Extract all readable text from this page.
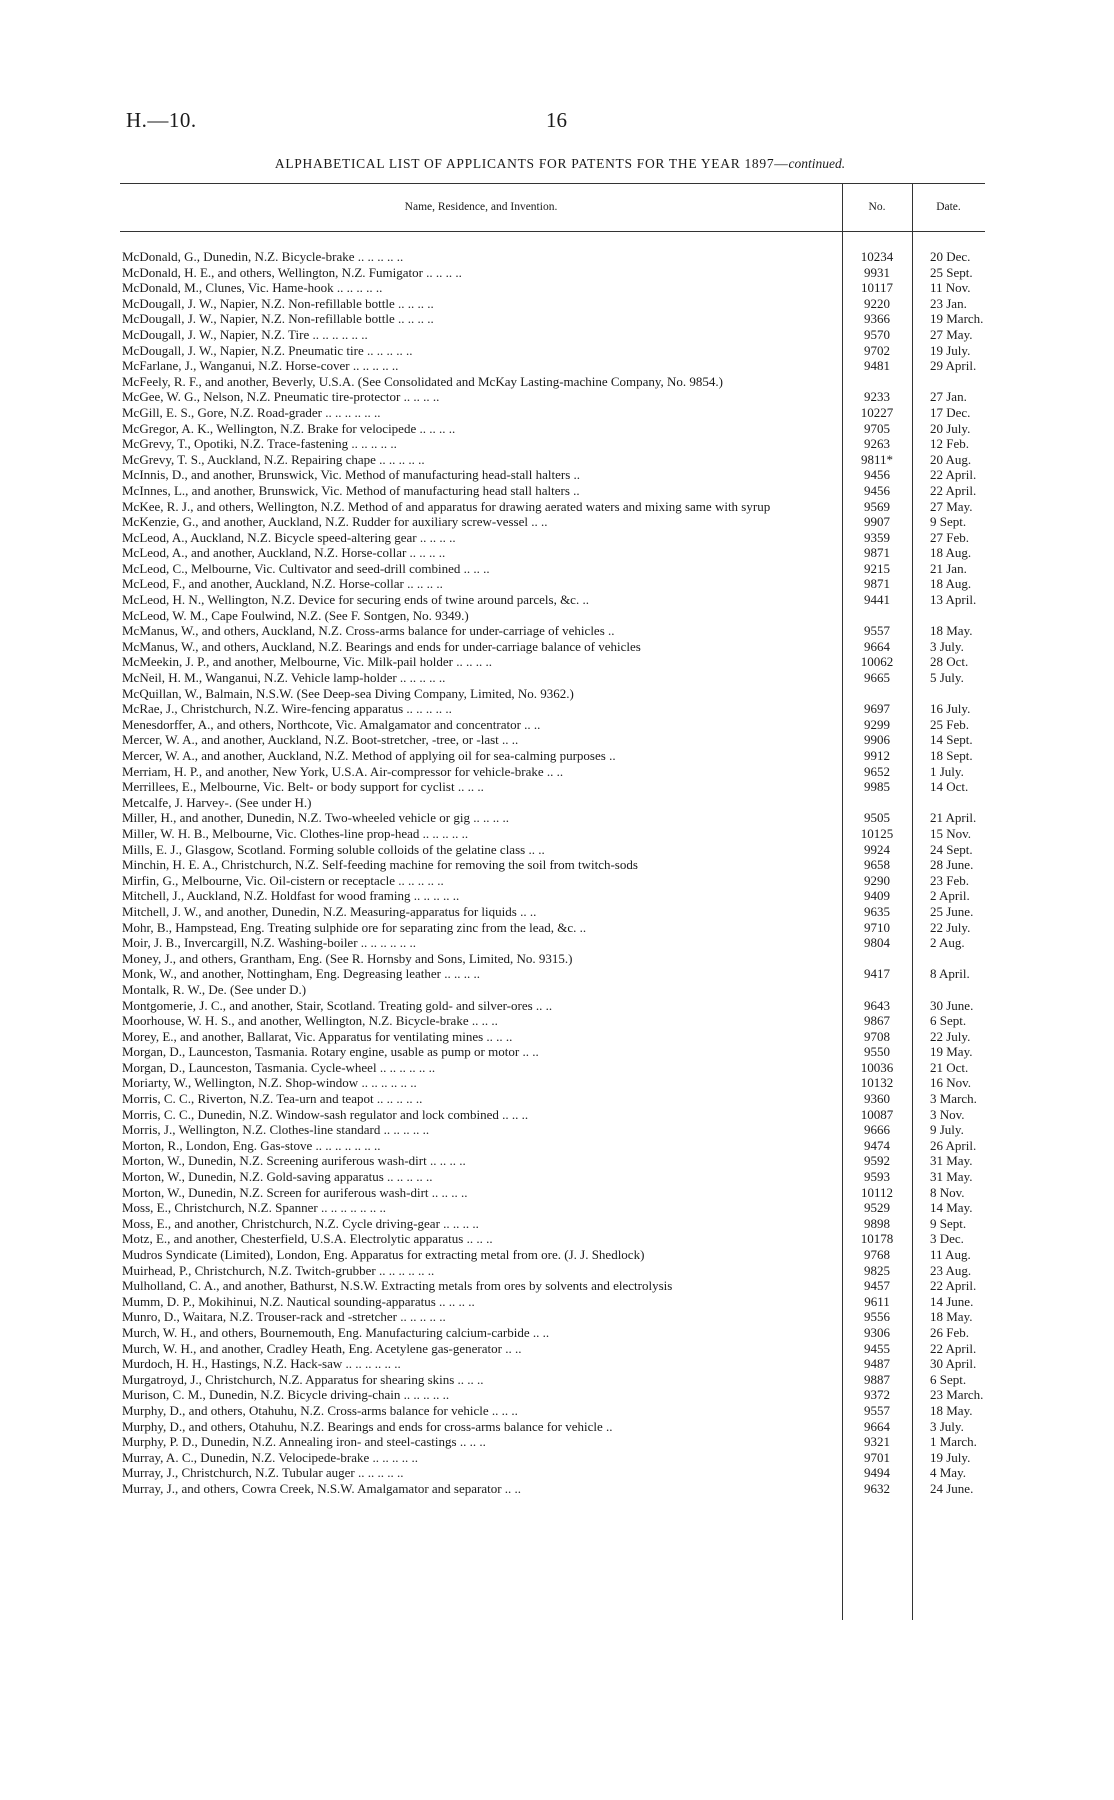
H.—10.	16
ALPHABETICAL LIST OF APPLICANTS FOR PATENTS FOR THE YEAR 1897—continued.
Name, Residence, and Invention.	No.	Date.
McDonald, G., Dunedin, N.Z. Bicycle-brake .. .. .. .. ..	10234	20 Dec.
McDonald, H. E., and others, Wellington, N.Z. Fumigator .. .. .. ..	9931	25 Sept.
McDonald, M., Clunes, Vic. Hame-hook .. .. .. .. ..	10117	11 Nov.
McDougall, J. W., Napier, N.Z. Non-refillable bottle .. .. .. ..	9220	23 Jan.
McDougall, J. W., Napier, N.Z. Non-refillable bottle .. .. .. ..	9366	19 March.
McDougall, J. W., Napier, N.Z. Tire .. .. .. .. .. ..	9570	27 May.
McDougall, J. W., Napier, N.Z. Pneumatic tire .. .. .. .. ..	9702	19 July.
McFarlane, J., Wanganui, N.Z. Horse-cover .. .. .. .. ..	9481	29 April.
McFeely, R. F., and another, Beverly, U.S.A. (See Consolidated and McKay Lasting-machine Company, No. 9854.)
McGee, W. G., Nelson, N.Z. Pneumatic tire-protector .. .. .. ..	9233	27 Jan.
McGill, E. S., Gore, N.Z. Road-grader .. .. .. .. .. ..	10227	17 Dec.
McGregor, A. K., Wellington, N.Z. Brake for velocipede .. .. .. ..	9705	20 July.
McGrevy, T., Opotiki, N.Z. Trace-fastening .. .. .. .. ..	9263	12 Feb.
McGrevy, T. S., Auckland, N.Z. Repairing chape .. .. .. .. ..	9811*	20 Aug.
McInnis, D., and another, Brunswick, Vic. Method of manufacturing head-stall halters ..	9456	22 April.
McInnes, L., and another, Brunswick, Vic. Method of manufacturing head stall halters ..	9456	22 April.
McKee, R. J., and others, Wellington, N.Z. Method of and apparatus for drawing aerated waters and mixing same with syrup	9569	27 May.
McKenzie, G., and another, Auckland, N.Z. Rudder for auxiliary screw-vessel .. ..	9907	9 Sept.
McLeod, A., Auckland, N.Z. Bicycle speed-altering gear .. .. .. ..	9359	27 Feb.
McLeod, A., and another, Auckland, N.Z. Horse-collar .. .. .. ..	9871	18 Aug.
McLeod, C., Melbourne, Vic. Cultivator and seed-drill combined .. .. ..	9215	21 Jan.
McLeod, F., and another, Auckland, N.Z. Horse-collar .. .. .. ..	9871	18 Aug.
McLeod, H. N., Wellington, N.Z. Device for securing ends of twine around parcels, &c. ..	9441	13 April.
McLeod, W. M., Cape Foulwind, N.Z. (See F. Sontgen, No. 9349.)
McManus, W., and others, Auckland, N.Z. Cross-arms balance for under-carriage of vehicles ..	9557	18 May.
McManus, W., and others, Auckland, N.Z. Bearings and ends for under-carriage balance of vehicles	9664	3 July.
McMeekin, J. P., and another, Melbourne, Vic. Milk-pail holder .. .. .. ..	10062	28 Oct.
McNeil, H. M., Wanganui, N.Z. Vehicle lamp-holder .. .. .. .. ..	9665	5 July.
McQuillan, W., Balmain, N.S.W. (See Deep-sea Diving Company, Limited, No. 9362.)
McRae, J., Christchurch, N.Z. Wire-fencing apparatus .. .. .. .. ..	9697	16 July.
Menesdorffer, A., and others, Northcote, Vic. Amalgamator and concentrator .. ..	9299	25 Feb.
Mercer, W. A., and another, Auckland, N.Z. Boot-stretcher, -tree, or -last .. ..	9906	14 Sept.
Mercer, W. A., and another, Auckland, N.Z. Method of applying oil for sea-calming purposes ..	9912	18 Sept.
Merriam, H. P., and another, New York, U.S.A. Air-compressor for vehicle-brake .. ..	9652	1 July.
Merrillees, E., Melbourne, Vic. Belt- or body support for cyclist .. .. ..	9985	14 Oct.
Metcalfe, J. Harvey-. (See under H.)
Miller, H., and another, Dunedin, N.Z. Two-wheeled vehicle or gig .. .. .. ..	9505	21 April.
Miller, W. H. B., Melbourne, Vic. Clothes-line prop-head .. .. .. .. ..	10125	15 Nov.
Mills, E. J., Glasgow, Scotland. Forming soluble colloids of the gelatine class .. ..	9924	24 Sept.
Minchin, H. E. A., Christchurch, N.Z. Self-feeding machine for removing the soil from twitch-sods	9658	28 June.
Mirfin, G., Melbourne, Vic. Oil-cistern or receptacle .. .. .. .. ..	9290	23 Feb.
Mitchell, J., Auckland, N.Z. Holdfast for wood framing .. .. .. .. ..	9409	2 April.
Mitchell, J. W., and another, Dunedin, N.Z. Measuring-apparatus for liquids .. ..	9635	25 June.
Mohr, B., Hampstead, Eng. Treating sulphide ore for separating zinc from the lead, &c. ..	9710	22 July.
Moir, J. B., Invercargill, N.Z. Washing-boiler .. .. .. .. .. ..	9804	2 Aug.
Money, J., and others, Grantham, Eng. (See R. Hornsby and Sons, Limited, No. 9315.)
Monk, W., and another, Nottingham, Eng. Degreasing leather .. .. .. ..	9417	8 April.
Montalk, R. W., De. (See under D.)
Montgomerie, J. C., and another, Stair, Scotland. Treating gold- and silver-ores .. ..	9643	30 June.
Moorhouse, W. H. S., and another, Wellington, N.Z. Bicycle-brake .. .. ..	9867	6 Sept.
Morey, E., and another, Ballarat, Vic. Apparatus for ventilating mines .. .. ..	9708	22 July.
Morgan, D., Launceston, Tasmania. Rotary engine, usable as pump or motor .. ..	9550	19 May.
Morgan, D., Launceston, Tasmania. Cycle-wheel .. .. .. .. .. ..	10036	21 Oct.
Moriarty, W., Wellington, N.Z. Shop-window .. .. .. .. .. ..	10132	16 Nov.
Morris, C. C., Riverton, N.Z. Tea-urn and teapot .. .. .. .. ..	9360	3 March.
Morris, C. C., Dunedin, N.Z. Window-sash regulator and lock combined .. .. ..	10087	3 Nov.
Morris, J., Wellington, N.Z. Clothes-line standard .. .. .. .. ..	9666	9 July.
Morton, R., London, Eng. Gas-stove .. .. .. .. .. .. ..	9474	26 April.
Morton, W., Dunedin, N.Z. Screening auriferous wash-dirt .. .. .. ..	9592	31 May.
Morton, W., Dunedin, N.Z. Gold-saving apparatus .. .. .. .. ..	9593	31 May.
Morton, W., Dunedin, N.Z. Screen for auriferous wash-dirt .. .. .. ..	10112	8 Nov.
Moss, E., Christchurch, N.Z. Spanner .. .. .. .. .. .. ..	9529	14 May.
Moss, E., and another, Christchurch, N.Z. Cycle driving-gear .. .. .. ..	9898	9 Sept.
Motz, E., and another, Chesterfield, U.S.A. Electrolytic apparatus .. .. ..	10178	3 Dec.
Mudros Syndicate (Limited), London, Eng. Apparatus for extracting metal from ore. (J. J. Shedlock)	9768	11 Aug.
Muirhead, P., Christchurch, N.Z. Twitch-grubber .. .. .. .. .. ..	9825	23 Aug.
Mulholland, C. A., and another, Bathurst, N.S.W. Extracting metals from ores by solvents and electrolysis	9457	22 April.
Mumm, D. P., Mokihinui, N.Z. Nautical sounding-apparatus .. .. .. ..	9611	14 June.
Munro, D., Waitara, N.Z. Trouser-rack and -stretcher .. .. .. .. ..	9556	18 May.
Murch, W. H., and others, Bournemouth, Eng. Manufacturing calcium-carbide .. ..	9306	26 Feb.
Murch, W. H., and another, Cradley Heath, Eng. Acetylene gas-generator .. ..	9455	22 April.
Murdoch, H. H., Hastings, N.Z. Hack-saw .. .. .. .. .. ..	9487	30 April.
Murgatroyd, J., Christchurch, N.Z. Apparatus for shearing skins .. .. ..	9887	6 Sept.
Murison, C. M., Dunedin, N.Z. Bicycle driving-chain .. .. .. .. ..	9372	23 March.
Murphy, D., and others, Otahuhu, N.Z. Cross-arms balance for vehicle .. .. ..	9557	18 May.
Murphy, D., and others, Otahuhu, N.Z. Bearings and ends for cross-arms balance for vehicle ..	9664	3 July.
Murphy, P. D., Dunedin, N.Z. Annealing iron- and steel-castings .. .. ..	9321	1 March.
Murray, A. C., Dunedin, N.Z. Velocipede-brake .. .. .. .. ..	9701	19 July.
Murray, J., Christchurch, N.Z. Tubular auger .. .. .. .. ..	9494	4 May.
Murray, J., and others, Cowra Creek, N.S.W. Amalgamator and separator .. ..	9632	24 June.
